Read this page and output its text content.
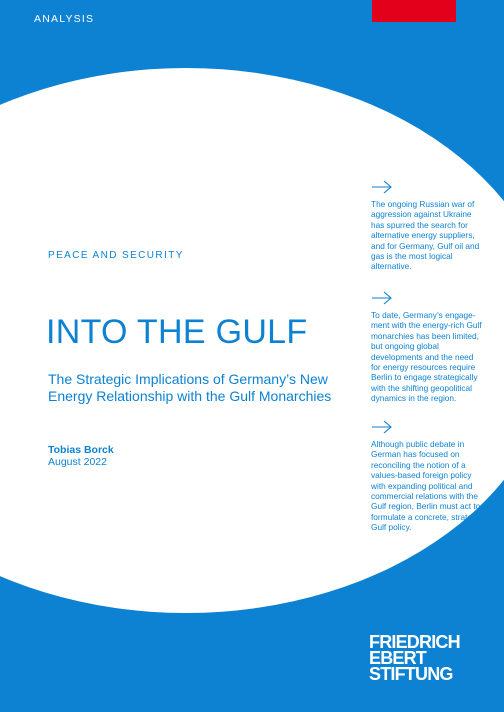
ANALYSIS
PEACE AND SECURITY
INTO THE GULF

The Strategic Implications of Germany’s New Energy Relationship with the Gulf Monarchies

Tobias Borck
August 2022

The ongoing Russian war of aggression against Ukraine has spurred the search for alternative energy suppliers, and for Germany, Gulf oil and gas is the most logical alternative.

To date, Germany’s engage-ment with the energy-rich Gulf monarchies has been limited, but ongoing global developments and the need for energy resources require Berlin to engage strategically with the shifting geopolitical dynamics in the region.

Although public debate in German has focused on reconciling the notion of a values-based foreign policy with expanding political and commercial relations with the Gulf region, Berlin must act to formulate a concrete, strategic Gulf policy.

FRIEDRICH
EBERT
STIFTUNG
